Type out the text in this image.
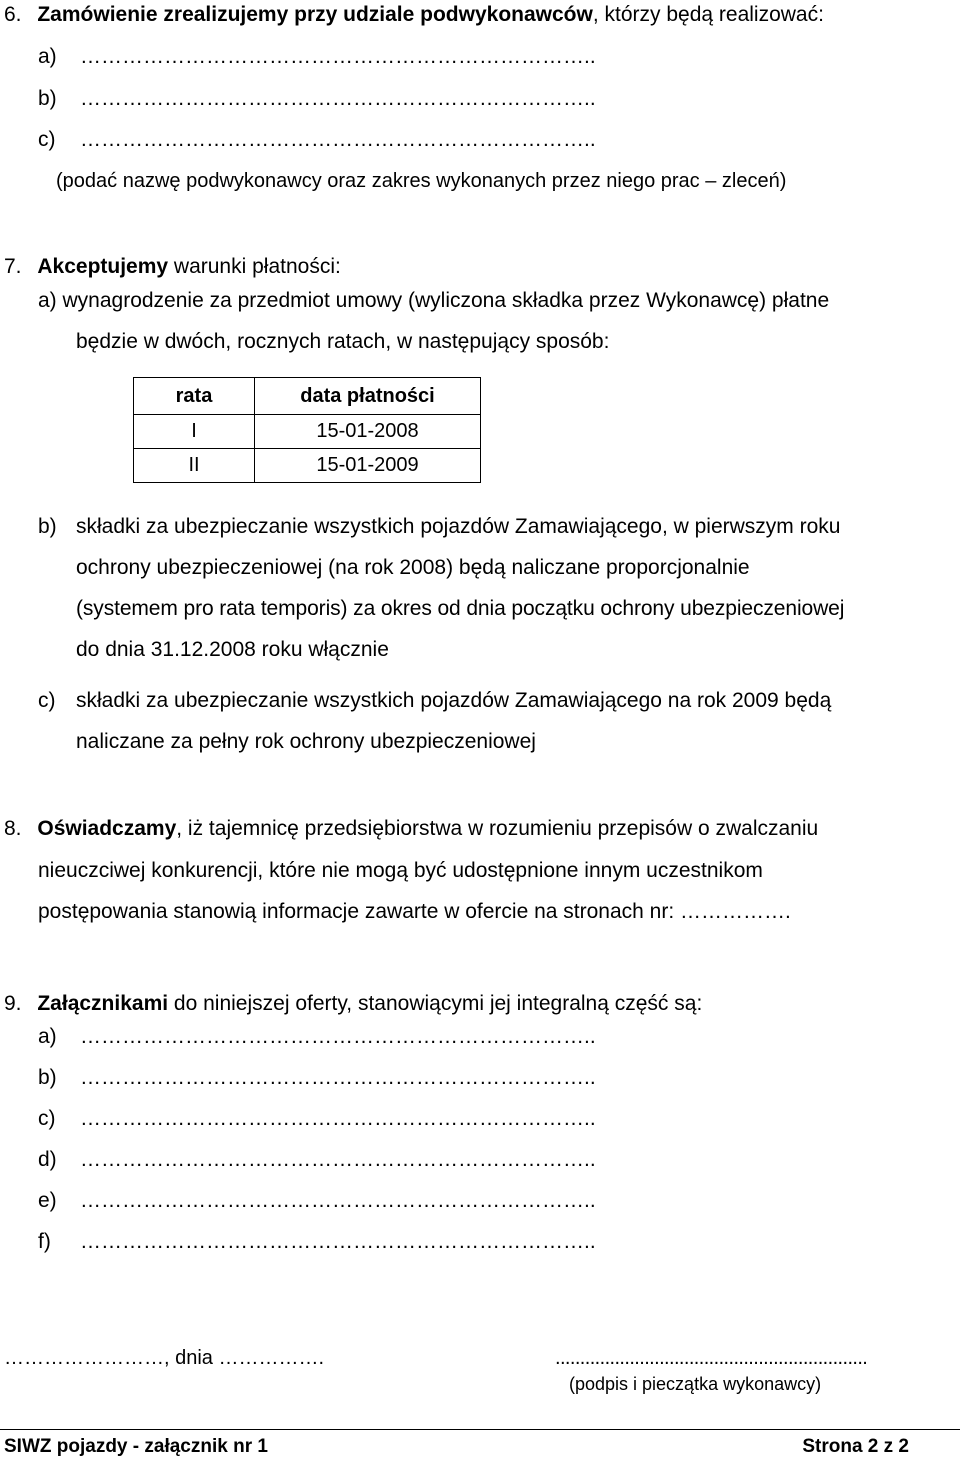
6. Zamówienie zrealizujemy przy udziale podwykonawców, którzy będą realizować:
a) ………………………………………………………………..
b) ………………………………………………………………..
c) ………………………………………………………………..
(podać nazwę podwykonawcy oraz zakres wykonanych przez niego prac – zleceń)
7. Akceptujemy warunki płatności:
a) wynagrodzenie za przedmiot umowy (wyliczona składka przez Wykonawcę) płatne
będzie w dwóch, rocznych ratach, w następujący sposób:
rata	data płatności
I	15-01-2008
II	15-01-2009
b) składki za ubezpieczanie wszystkich pojazdów Zamawiającego, w pierwszym roku
ochrony ubezpieczeniowej (na rok 2008) będą naliczane proporcjonalnie
(systemem pro rata temporis) za okres od dnia początku ochrony ubezpieczeniowej
do dnia 31.12.2008 roku włącznie
c) składki za ubezpieczanie wszystkich pojazdów Zamawiającego na rok 2009 będą
naliczane za pełny rok ochrony ubezpieczeniowej
8. Oświadczamy, iż tajemnicę przedsiębiorstwa w rozumieniu przepisów o zwalczaniu
nieuczciwej konkurencji, które nie mogą być udostępnione innym uczestnikom
postępowania stanowią informacje zawarte w ofercie na stronach nr: …………….
9. Załącznikami do niniejszej oferty, stanowiącymi jej integralną część są:
a) ………………………………………………………………..
b) ………………………………………………………………..
c) ………………………………………………………………..
d) ………………………………………………………………..
e) ………………………………………………………………..
f) ………………………………………………………………..
……………………, dnia …………….	...............................................................
(podpis i pieczątka wykonawcy)
SIWZ pojazdy - załącznik nr 1	Strona 2 z 2
